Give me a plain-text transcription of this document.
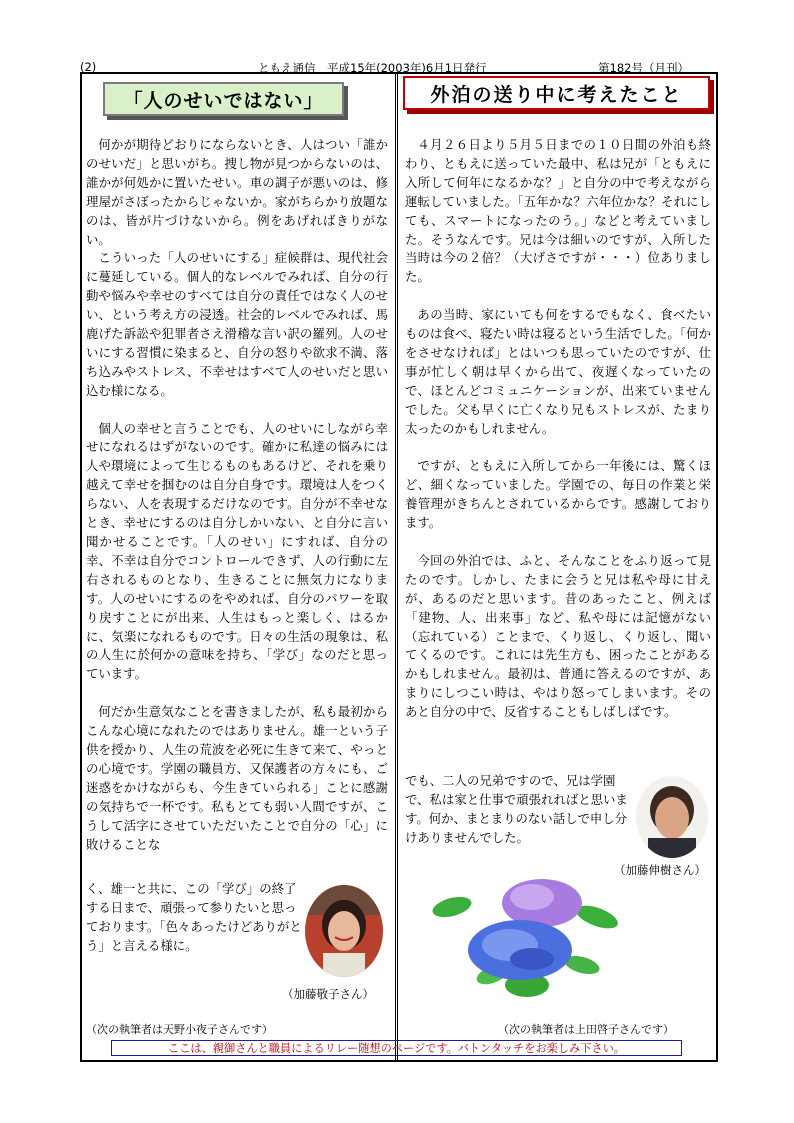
(2)	ともえ通信　平成15年(2003年)6月1日発行	第182号（月刊）
「人のせいではない」	外泊の送り中に考えたこと

何かが期待どおりにならないとき、人はつい「誰かのせいだ」と思いがち。捜し物が見つからないのは、誰かが何処かに置いたせい。車の調子が悪いのは、修理屋がさぼったからじゃないか。家がちらかり放題なのは、皆が片づけないから。例をあげればきりがない。

こういった「人のせいにする」症候群は、現代社会に蔓延している。個人的なレベルでみれば、自分の行動や悩みや幸せのすべては自分の責任ではなく人のせい、という考え方の浸透。社会的レベルでみれば、馬鹿げた訴訟や犯罪者さえ滑稽な言い訳の羅列。人のせいにする習慣に染まると、自分の怒りや欲求不満、落ち込みやストレス、不幸せはすべて人のせいだと思い込む様になる。

個人の幸せと言うことでも、人のせいにしながら幸せになれるはずがないのです。確かに私達の悩みには人や環境によって生じるものもあるけど、それを乗り越えて幸せを掴むのは自分自身です。環境は人をつくらない、人を表現するだけなのです。自分が不幸せなとき、幸せにするのは自分しかいない、と自分に言い聞かせることです。「人のせい」にすれば、自分の幸、不幸は自分でコントロールできず、人の行動に左右されるものとなり、生きることに無気力になります。人のせいにするのをやめれば、自分のパワーを取り戻すことにが出来、人生はもっと楽しく、はるかに、気楽になれるものです。日々の生活の現象は、私の人生に於何かの意味を持ち、「学び」なのだと思っています。

何だか生意気なことを書きましたが、私も最初からこんな心境になれたのではありません。雄一という子供を授かり、人生の荒波を必死に生きて来て、やっとの心境です。学園の職員方、又保護者の方々にも、ご迷惑をかけながらも、今生きていられる」ことに感謝の気持ちで一杯です。私もとても弱い人間ですが、こうして活字にさせていただいたことで自分の「心」に敗けることな

く、雄一と共に、この「学び」の終了する日まで、頑張って参りたいと思っております。「色々あったけどありがとう」と言える様に。
（加藤敬子さん）
（次の執筆者は天野小夜子さんです）

４月２６日より５月５日までの１０日間の外泊も終わり、ともえに送っていた最中、私は兄が「ともえに入所して何年になるかな？」と自分の中で考えながら運転していました。「五年かな？六年位かな？それにしても、スマートになったのう。」などと考えていました。そうなんです。兄は今は細いのですが、入所した当時は今の２倍？（大げさですが・・・）位ありました。

あの当時、家にいても何をするでもなく、食べたいものは食べ、寝たい時は寝るという生活でした。「何かをさせなければ」とはいつも思っていたのですが、仕事が忙しく朝は早くから出て、夜遅くなっていたので、ほとんどコミュニケーションが、出来ていませんでした。父も早くに亡くなり兄もストレスが、たまり太ったのかもしれません。

ですが、ともえに入所してから一年後には、驚くほど、細くなっていました。学園での、毎日の作業と栄養管理がきちんとされているからです。感謝しております。

今回の外泊では、ふと、そんなことをふり返って見たのです。しかし、たまに会うと兄は私や母に甘えが、あるのだと思います。昔のあったこと、例えば「建物、人、出来事」など、私や母には記憶がない（忘れている）ことまで、くり返し、くり返し、聞いてくるのです。これには先生方も、困ったことがあるかもしれません。最初は、普通に答えるのですが、あまりにしつこい時は、やはり怒ってしまいます。そのあと自分の中で、反省することもしばしばです。

でも、二人の兄弟ですので、兄は学園で、私は家と仕事で頑張れればと思います。何か、まとまりのない話しで申し分けありませんでした。
（加藤伸樹さん）
（次の執筆者は上田啓子さんです）
ここは、親御さんと職員によるリレー随想のページです。バトンタッチをお楽しみ下さい。
